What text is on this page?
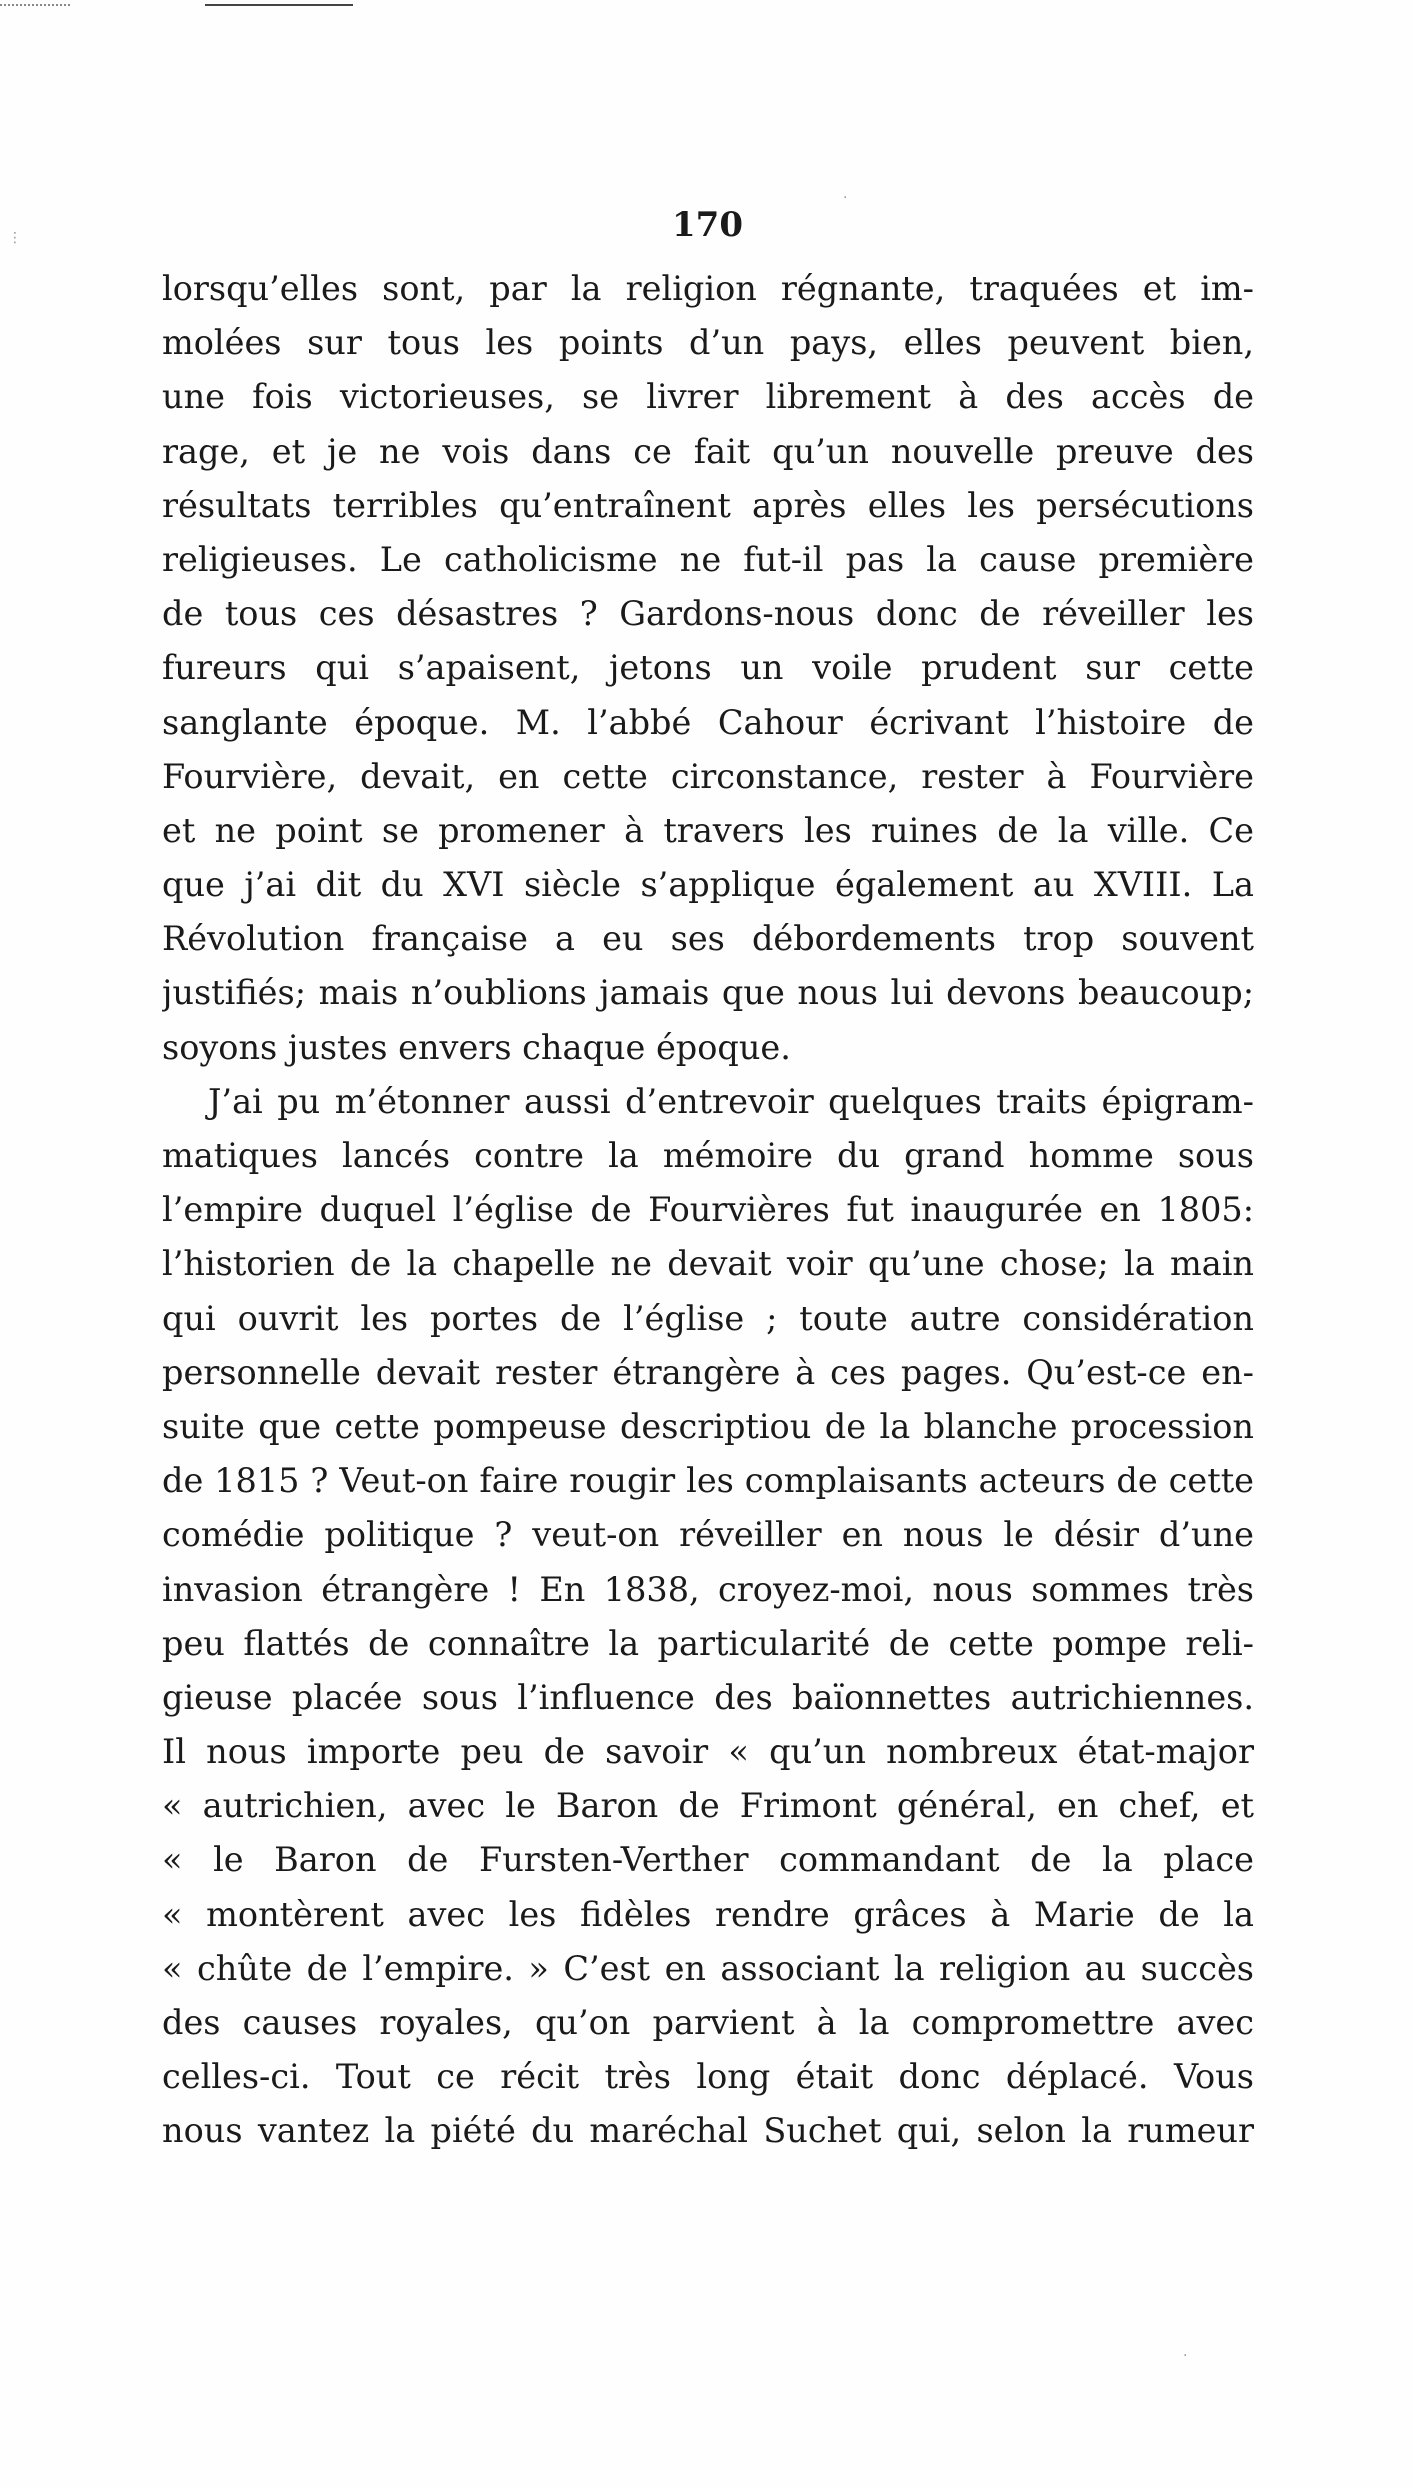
⋮
·
·
170
lorsqu’elles sont, par la religion régnante, traquées et im-
molées sur tous les points d’un pays, elles peuvent bien,
une fois victorieuses, se livrer librement à des accès de
rage, et je ne vois dans ce fait qu’un nouvelle preuve des
résultats terribles qu’entraînent après elles les persécutions
religieuses. Le catholicisme ne fut-il pas la cause première
de tous ces désastres ? Gardons-nous donc de réveiller les
fureurs qui s’apaisent, jetons un voile prudent sur cette
sanglante époque. M. l’abbé Cahour écrivant l’histoire de
Fourvière, devait, en cette circonstance, rester à Fourvière
et ne point se promener à travers les ruines de la ville. Ce
que j’ai dit du XVI siècle s’applique également au XVIII. La
Révolution française a eu ses débordements trop souvent
justifiés; mais n’oublions jamais que nous lui devons beaucoup;
soyons justes envers chaque époque.
J’ai pu m’étonner aussi d’entrevoir quelques traits épigram-
matiques lancés contre la mémoire du grand homme sous
l’empire duquel l’église de Fourvières fut inaugurée en 1805:
l’historien de la chapelle ne devait voir qu’une chose; la main
qui ouvrit les portes de l’église ; toute autre considération
personnelle devait rester étrangère à ces pages. Qu’est-ce en-
suite que cette pompeuse descriptiou de la blanche procession
de 1815 ? Veut-on faire rougir les complaisants acteurs de cette
comédie politique ? veut-on réveiller en nous le désir d’une
invasion étrangère ! En 1838, croyez-moi, nous sommes très
peu flattés de connaître la particularité de cette pompe reli-
gieuse placée sous l’influence des baïonnettes autrichiennes.
Il nous importe peu de savoir « qu’un nombreux état-major
« autrichien, avec le Baron de Frimont général, en chef, et
« le Baron de Fursten-Verther commandant de la place
« montèrent avec les fidèles rendre grâces à Marie de la
« chûte de l’empire. » C’est en associant la religion au succès
des causes royales, qu’on parvient à la compromettre avec
celles-ci. Tout ce récit très long était donc déplacé. Vous
nous vantez la piété du maréchal Suchet qui, selon la rumeur
